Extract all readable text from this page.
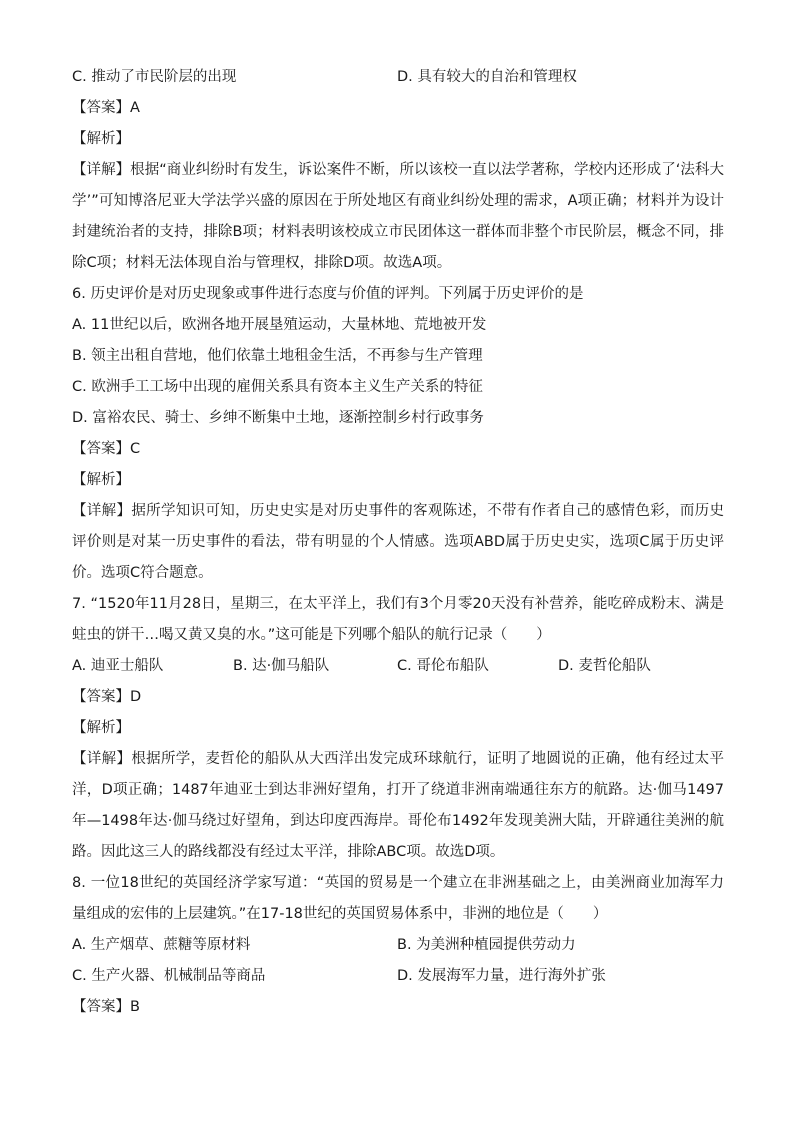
C. 推动了市民阶层的出现	D. 具有较大的自治和管理权
【答案】A
【解析】
【详解】根据“商业纠纷时有发生，诉讼案件不断，所以该校一直以法学著称，学校内还形成了‘法科大学’”可知博洛尼亚大学法学兴盛的原因在于所处地区有商业纠纷处理的需求，A项正确；材料并为设计封建统治者的支持，排除B项；材料表明该校成立市民团体这一群体而非整个市民阶层，概念不同，排除C项；材料无法体现自治与管理权，排除D项。故选A项。
6. 历史评价是对历史现象或事件进行态度与价值的评判。下列属于历史评价的是
A. 11世纪以后，欧洲各地开展垦殖运动，大量林地、荒地被开发
B. 领主出租自营地，他们依靠土地租金生活，不再参与生产管理
C. 欧洲手工工场中出现的雇佣关系具有资本主义生产关系的特征
D. 富裕农民、骑士、乡绅不断集中土地，逐渐控制乡村行政事务
【答案】C
【解析】
【详解】据所学知识可知，历史史实是对历史事件的客观陈述，不带有作者自己的感情色彩，而历史评价则是对某一历史事件的看法，带有明显的个人情感。选项ABD属于历史史实，选项C属于历史评价。选项C符合题意。
7. “1520年11月28日，星期三，在太平洋上，我们有3个月零20天没有补营养，能吃碎成粉末、满是蛀虫的饼干…喝又黄又臭的水。”这可能是下列哪个船队的航行记录（　　）
A. 迪亚士船队	B. 达·伽马船队	C. 哥伦布船队	D. 麦哲伦船队
【答案】D
【解析】
【详解】根据所学，麦哲伦的船队从大西洋出发完成环球航行，证明了地圆说的正确，他有经过太平洋，D项正确；1487年迪亚士到达非洲好望角，打开了绕道非洲南端通往东方的航路。达·伽马1497年—1498年达·伽马绕过好望角，到达印度西海岸。哥伦布1492年发现美洲大陆，开辟通往美洲的航路。因此这三人的路线都没有经过太平洋，排除ABC项。故选D项。
8. 一位18世纪的英国经济学家写道：“英国的贸易是一个建立在非洲基础之上，由美洲商业加海军力量组成的宏伟的上层建筑。”在17-18世纪的英国贸易体系中，非洲的地位是（　　）
A. 生产烟草、蔗糖等原材料	B. 为美洲种植园提供劳动力
C. 生产火器、机械制品等商品	D. 发展海军力量，进行海外扩张
【答案】B
